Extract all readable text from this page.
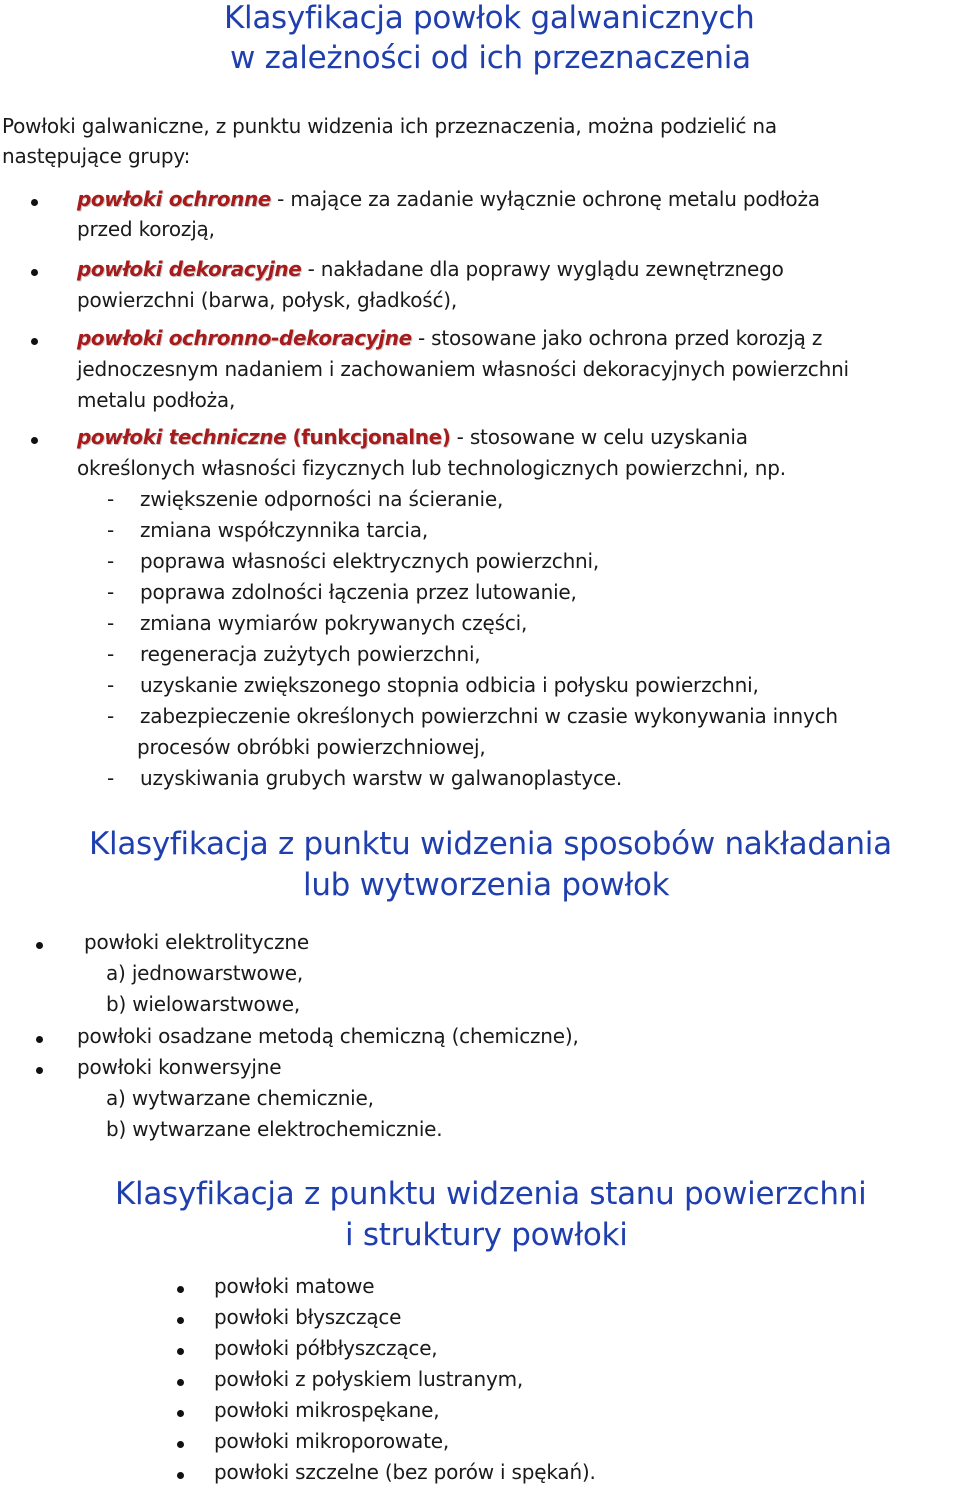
Klasyfikacja powłok galwanicznych
w zależności od ich przeznaczenia
Powłoki galwaniczne, z punktu widzenia ich przeznaczenia, można podzielić na
następujące grupy:
powłoki ochronne - mające za zadanie wyłącznie ochronę metalu podłoża
przed korozją,
powłoki dekoracyjne - nakładane dla poprawy wyglądu zewnętrznego
powierzchni (barwa, połysk, gładkość),
powłoki ochronno-dekoracyjne - stosowane jako ochrona przed korozją z
jednoczesnym nadaniem i zachowaniem własności dekoracyjnych powierzchni
metalu podłoża,
powłoki techniczne (funkcjonalne) - stosowane w celu uzyskania
określonych własności fizycznych lub technologicznych powierzchni, np.
- zwiększenie odporności na ścieranie,
- zmiana współczynnika tarcia,
- poprawa własności elektrycznych powierzchni,
- poprawa zdolności łączenia przez lutowanie,
- zmiana wymiarów pokrywanych części,
- regeneracja zużytych powierzchni,
- uzyskanie zwiększonego stopnia odbicia i połysku powierzchni,
- zabezpieczenie określonych powierzchni w czasie wykonywania innych
procesów obróbki powierzchniowej,
- uzyskiwania grubych warstw w galwanoplastyce.
Klasyfikacja z punktu widzenia sposobów nakładania
lub wytworzenia powłok
powłoki elektrolityczne
a) jednowarstwowe,
b) wielowarstwowe,
powłoki osadzane metodą chemiczną (chemiczne),
powłoki konwersyjne
a) wytwarzane chemicznie,
b) wytwarzane elektrochemicznie.
Klasyfikacja z punktu widzenia stanu powierzchni
i struktury powłoki
powłoki matowe
powłoki błyszczące
powłoki półbłyszczące,
powłoki z połyskiem lustranym,
powłoki mikrospękane,
powłoki mikroporowate,
powłoki szczelne (bez porów i spękań).
